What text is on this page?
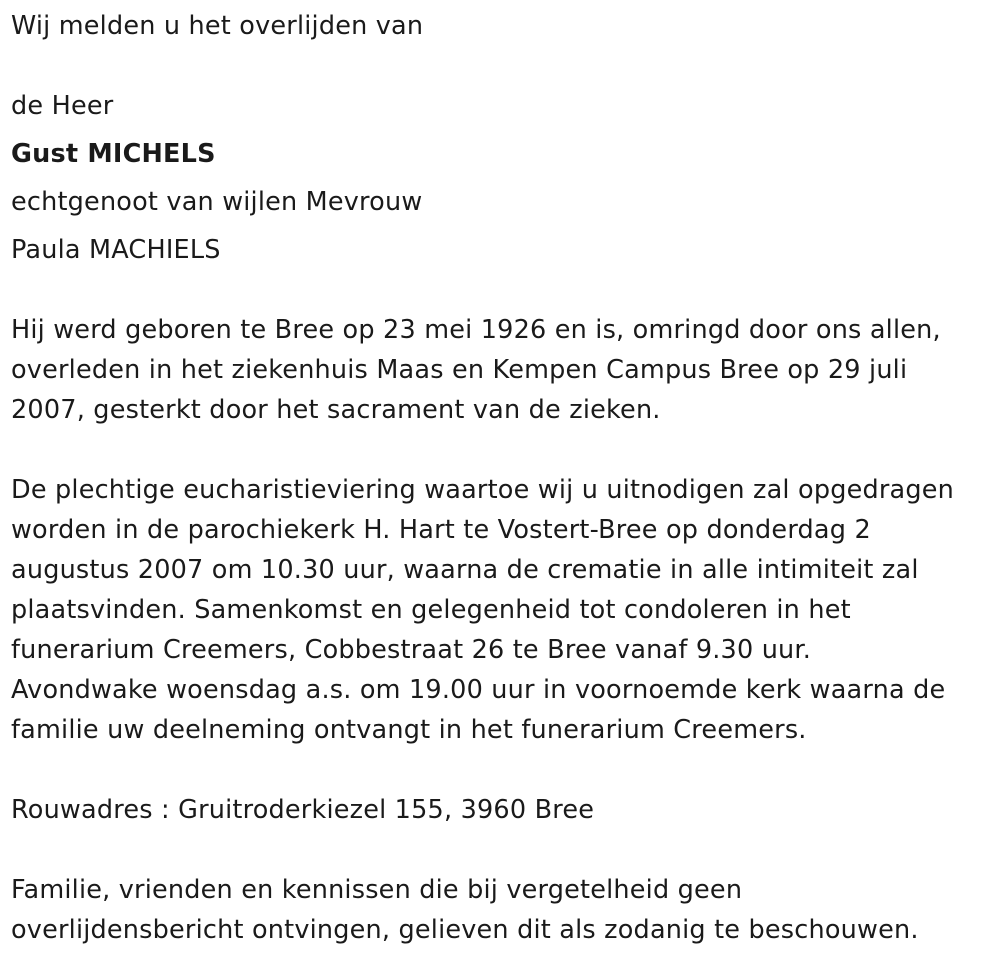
Wij melden u het overlijden van
de Heer
Gust MICHELS
echtgenoot van wijlen Mevrouw
Paula MACHIELS
Hij werd geboren te Bree op 23 mei 1926 en is, omringd door ons allen,
overleden in het ziekenhuis Maas en Kempen Campus Bree op 29 juli
2007, gesterkt door het sacrament van de zieken.
De plechtige eucharistieviering waartoe wij u uitnodigen zal opgedragen
worden in de parochiekerk H. Hart te Vostert-Bree op donderdag 2
augustus 2007 om 10.30 uur, waarna de crematie in alle intimiteit zal
plaatsvinden. Samenkomst en gelegenheid tot condoleren in het
funerarium Creemers, Cobbestraat 26 te Bree vanaf 9.30 uur.
Avondwake woensdag a.s. om 19.00 uur in voornoemde kerk waarna de
familie uw deelneming ontvangt in het funerarium Creemers.
Rouwadres : Gruitroderkiezel 155, 3960 Bree
Familie, vrienden en kennissen die bij vergetelheid geen
overlijdensbericht ontvingen, gelieven dit als zodanig te beschouwen.
